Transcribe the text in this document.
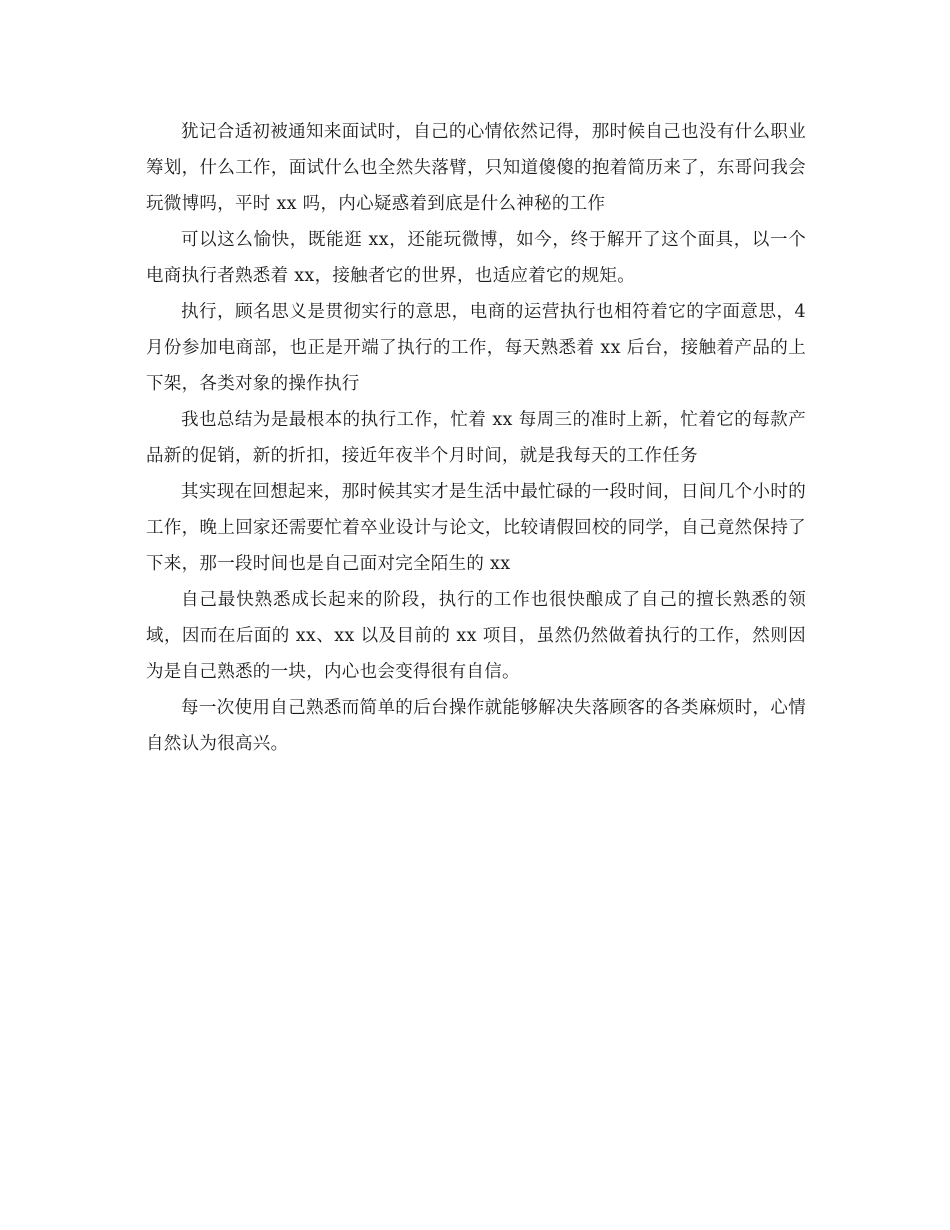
犹记合适初被通知来面试时，自己的心情依然记得，那时候自己也没有什么职业筹划，什么工作，面试什么也全然失落臂，只知道傻傻的抱着简历来了，东哥问我会玩微博吗，平时 xx 吗，内心疑惑着到底是什么神秘的工作

可以这么愉快，既能逛 xx，还能玩微博，如今，终于解开了这个面具，以一个电商执行者熟悉着 xx，接触者它的世界，也适应着它的规矩。

执行，顾名思义是贯彻实行的意思，电商的运营执行也相符着它的字面意思，4 月份参加电商部，也正是开端了执行的工作，每天熟悉着 xx 后台，接触着产品的上下架，各类对象的操作执行

我也总结为是最根本的执行工作，忙着 xx 每周三的准时上新，忙着它的每款产品新的促销，新的折扣，接近年夜半个月时间，就是我每天的工作任务

其实现在回想起来，那时候其实才是生活中最忙碌的一段时间，日间几个小时的工作，晚上回家还需要忙着卒业设计与论文，比较请假回校的同学，自己竟然保持了下来，那一段时间也是自己面对完全陌生的 xx

自己最快熟悉成长起来的阶段，执行的工作也很快酿成了自己的擅长熟悉的领域，因而在后面的 xx、xx 以及目前的 xx 项目，虽然仍然做着执行的工作，然则因为是自己熟悉的一块，内心也会变得很有自信。

每一次使用自己熟悉而简单的后台操作就能够解决失落顾客的各类麻烦时，心情自然认为很高兴。
